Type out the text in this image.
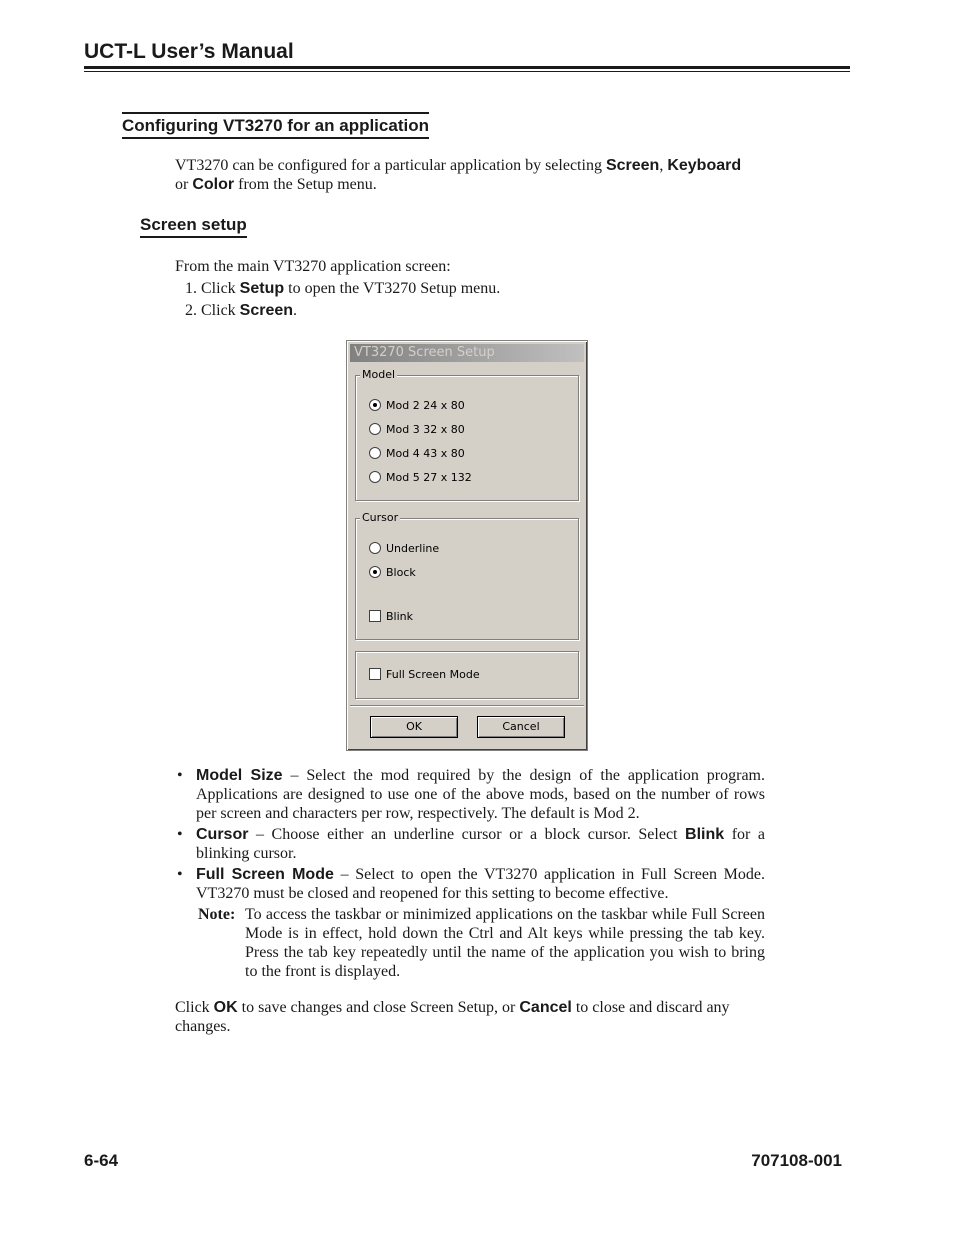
UCT-L User’s Manual
Configuring VT3270 for an application
VT3270 can be configured for a particular application by selecting Screen, Keyboard
or Color from the Setup menu.
Screen setup
From the main VT3270 application screen:
1. Click Setup to open the VT3270 Setup menu.
2. Click Screen.
VT3270 Screen Setup
Model
Mod 2 24 x 80
Mod 3 32 x 80
Mod 4 43 x 80
Mod 5 27 x 132
Cursor
Underline
Block
Blink
Full Screen Mode
OK	Cancel
• Model Size – Select the mod required by the design of the application program. Applications are designed to use one of the above mods, based on the number of rows per screen and characters per row, respectively. The default is Mod 2.
• Cursor – Choose either an underline cursor or a block cursor. Select Blink for a blinking cursor.
• Full Screen Mode – Select to open the VT3270 application in Full Screen Mode. VT3270 must be closed and reopened for this setting to become effective.
Note: To access the taskbar or minimized applications on the taskbar while Full Screen Mode is in effect, hold down the Ctrl and Alt keys while pressing the tab key. Press the tab key repeatedly until the name of the application you wish to bring to the front is displayed.
Click OK to save changes and close Screen Setup, or Cancel to close and discard any changes.
6-64	707108-001
